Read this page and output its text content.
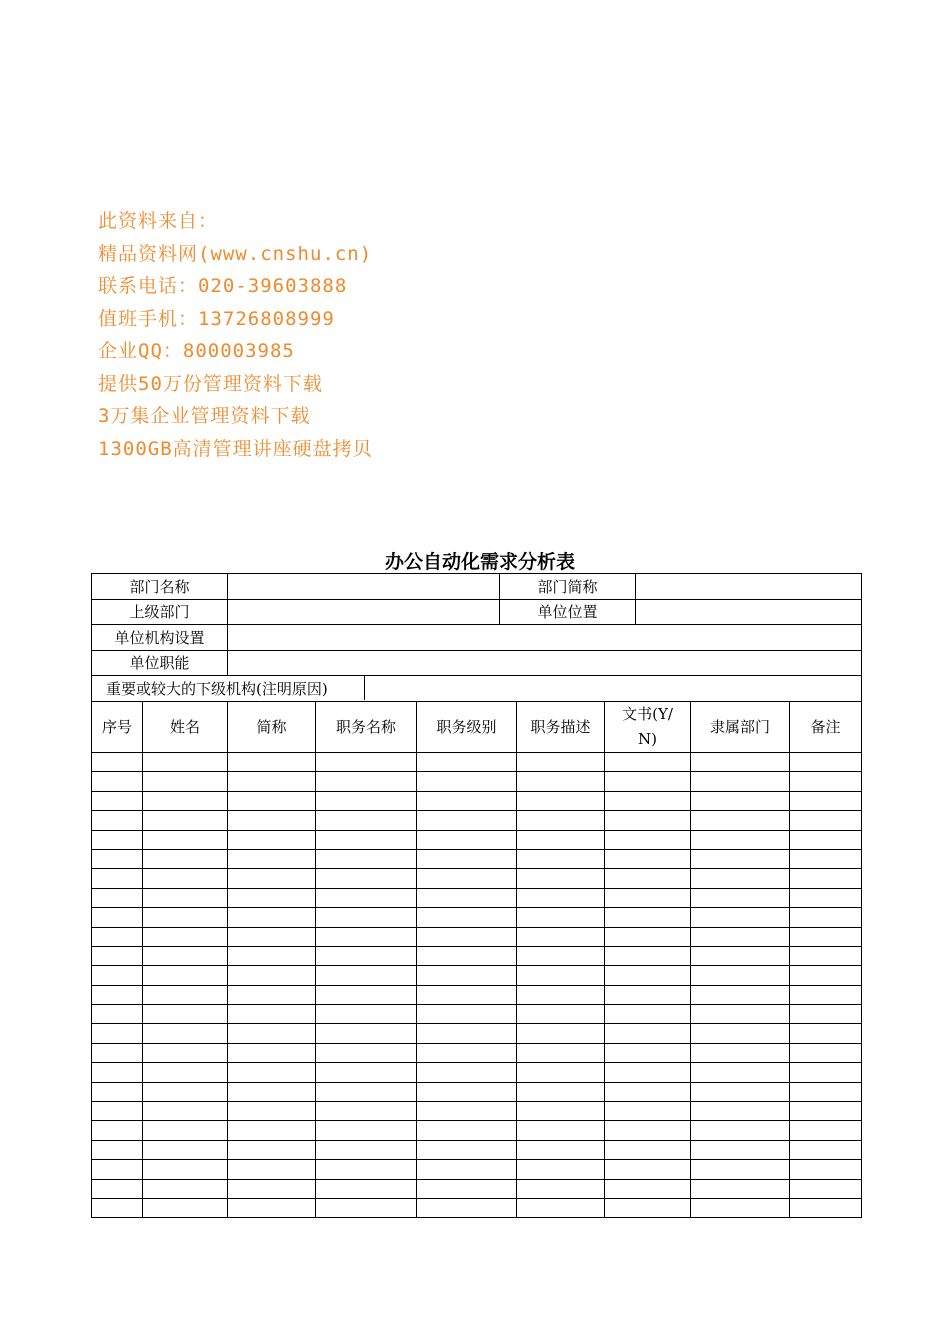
此资料来自：
精品资料网(www.cnshu.cn)
联系电话：020-39603888
值班手机：13726808999
企业QQ：800003985
提供50万份管理资料下载
3万集企业管理资料下载
1300GB高清管理讲座硬盘拷贝
办公自动化需求分析表
部门名称		部门简称	
上级部门		单位位置	
单位机构设置	
单位职能	

重要或较大的下级机构(注明原因)	
序号	姓名	简称	职务名称	职务级别	职务描述	文书(Y/N)	隶属部门	备注
